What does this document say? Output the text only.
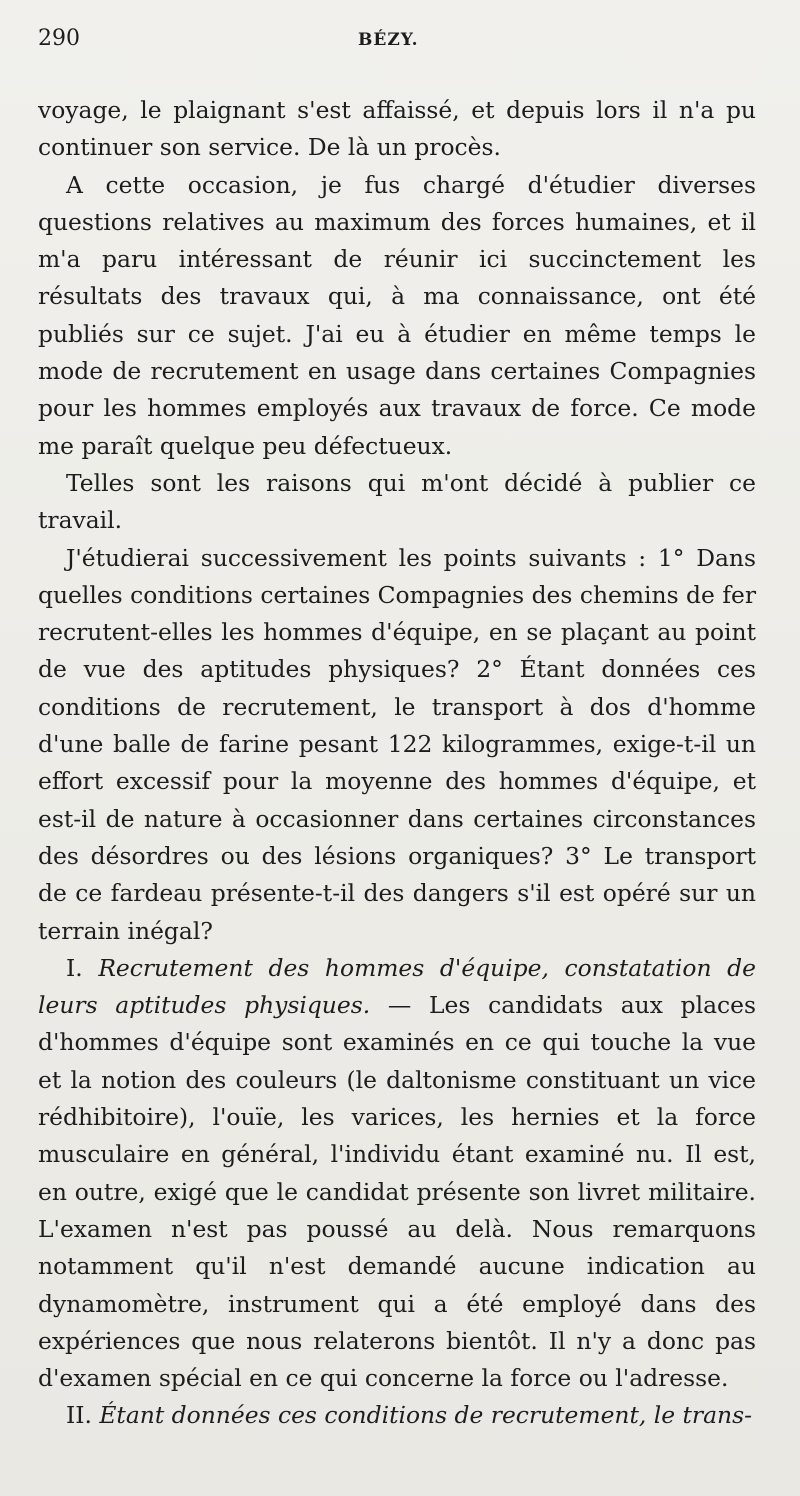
290	BÉZY.

voyage, le plaignant s'est affaissé, et depuis lors il n'a pu continuer son service. De là un procès.

A cette occasion, je fus chargé d'étudier diverses questions relatives au maximum des forces humaines, et il m'a paru intéressant de réunir ici succinctement les résultats des travaux qui, à ma connaissance, ont été publiés sur ce sujet. J'ai eu à étudier en même temps le mode de recrutement en usage dans certaines Compagnies pour les hommes employés aux travaux de force. Ce mode me paraît quelque peu défectueux.

Telles sont les raisons qui m'ont décidé à publier ce travail.

J'étudierai successivement les points suivants : 1° Dans quelles conditions certaines Compagnies des chemins de fer recrutent-elles les hommes d'équipe, en se plaçant au point de vue des aptitudes physiques? 2° Étant données ces conditions de recrutement, le transport à dos d'homme d'une balle de farine pesant 122 kilogrammes, exige-t-il un effort excessif pour la moyenne des hommes d'équipe, et est-il de nature à occasionner dans certaines circonstances des désordres ou des lésions organiques? 3° Le transport de ce fardeau présente-t-il des dangers s'il est opéré sur un terrain inégal?

I. Recrutement des hommes d'équipe, constatation de leurs aptitudes physiques. — Les candidats aux places d'hommes d'équipe sont examinés en ce qui touche la vue et la notion des couleurs (le daltonisme constituant un vice rédhibitoire), l'ouïe, les varices, les hernies et la force musculaire en général, l'individu étant examiné nu. Il est, en outre, exigé que le candidat présente son livret militaire. L'examen n'est pas poussé au delà. Nous remarquons notamment qu'il n'est demandé aucune indication au dynamomètre, instrument qui a été employé dans des expériences que nous relaterons bientôt. Il n'y a donc pas d'examen spécial en ce qui concerne la force ou l'adresse.

II. Étant données ces conditions de recrutement, le trans-
